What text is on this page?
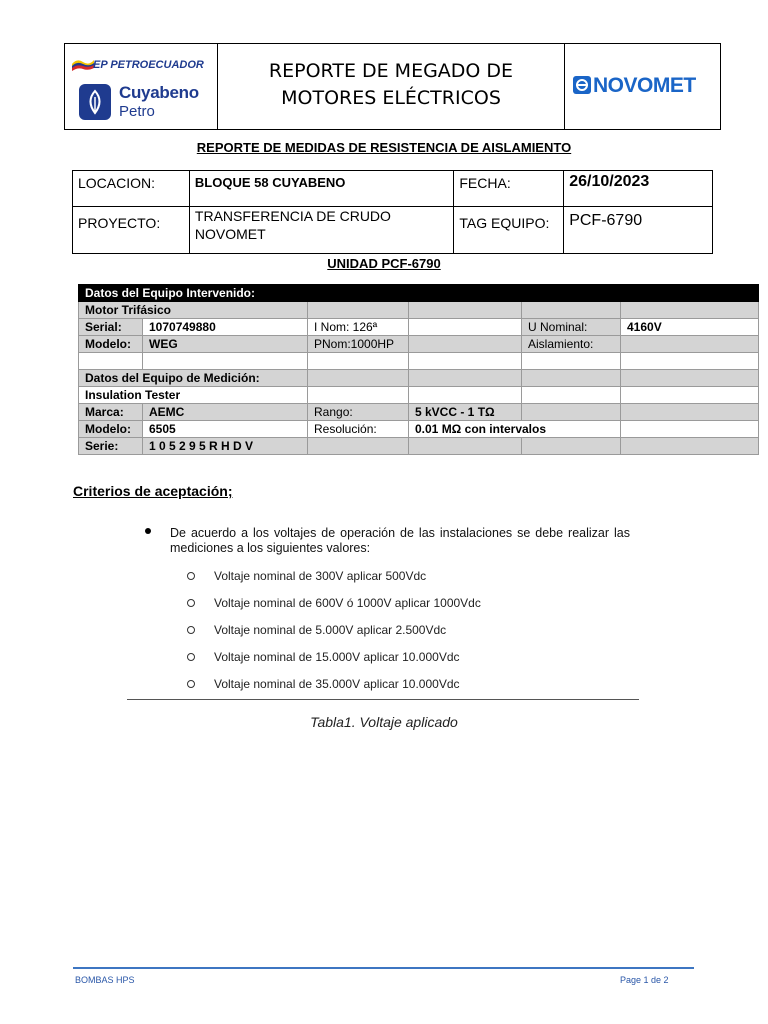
EP PETROECUADOR
Cuyabeno
Petro
REPORTE DE MEGADO DE
MOTORES ELÉCTRICOS
NOVOMET
REPORTE DE MEDIDAS DE RESISTENCIA DE AISLAMIENTO
LOCACION:	BLOQUE 58 CUYABENO	FECHA:	26/10/2023
PROYECTO:	TRANSFERENCIA DE CRUDO NOVOMET	TAG EQUIPO:	PCF-6790
UNIDAD PCF-6790
Datos del Equipo Intervenido:					
Motor Trifásico					
Serial:	1070749880	I Nom: 126ª		U Nominal:	4160V
Modelo:	WEG	PNom:1000HP		Aislamiento:	

Datos del Equipo de Medición:					
Insulation Tester					
Marca:	AEMC	Rango:	5 kVCC - 1 TΩ		
Modelo:	6505	Resolución:	0.01 MΩ con intervalos		
Serie:	1 0 5 2 9 5 R H D V				
Criterios de aceptación;
De acuerdo a los voltajes de operación de las instalaciones se debe realizar las mediciones a los siguientes valores:
Voltaje nominal de 300V aplicar 500Vdc
Voltaje nominal de 600V ó 1000V aplicar 1000Vdc
Voltaje nominal de 5.000V aplicar 2.500Vdc
Voltaje nominal de 15.000V aplicar 10.000Vdc
Voltaje nominal de 35.000V aplicar 10.000Vdc
Tabla1. Voltaje aplicado
BOMBAS HPS	Page 1 de 2
